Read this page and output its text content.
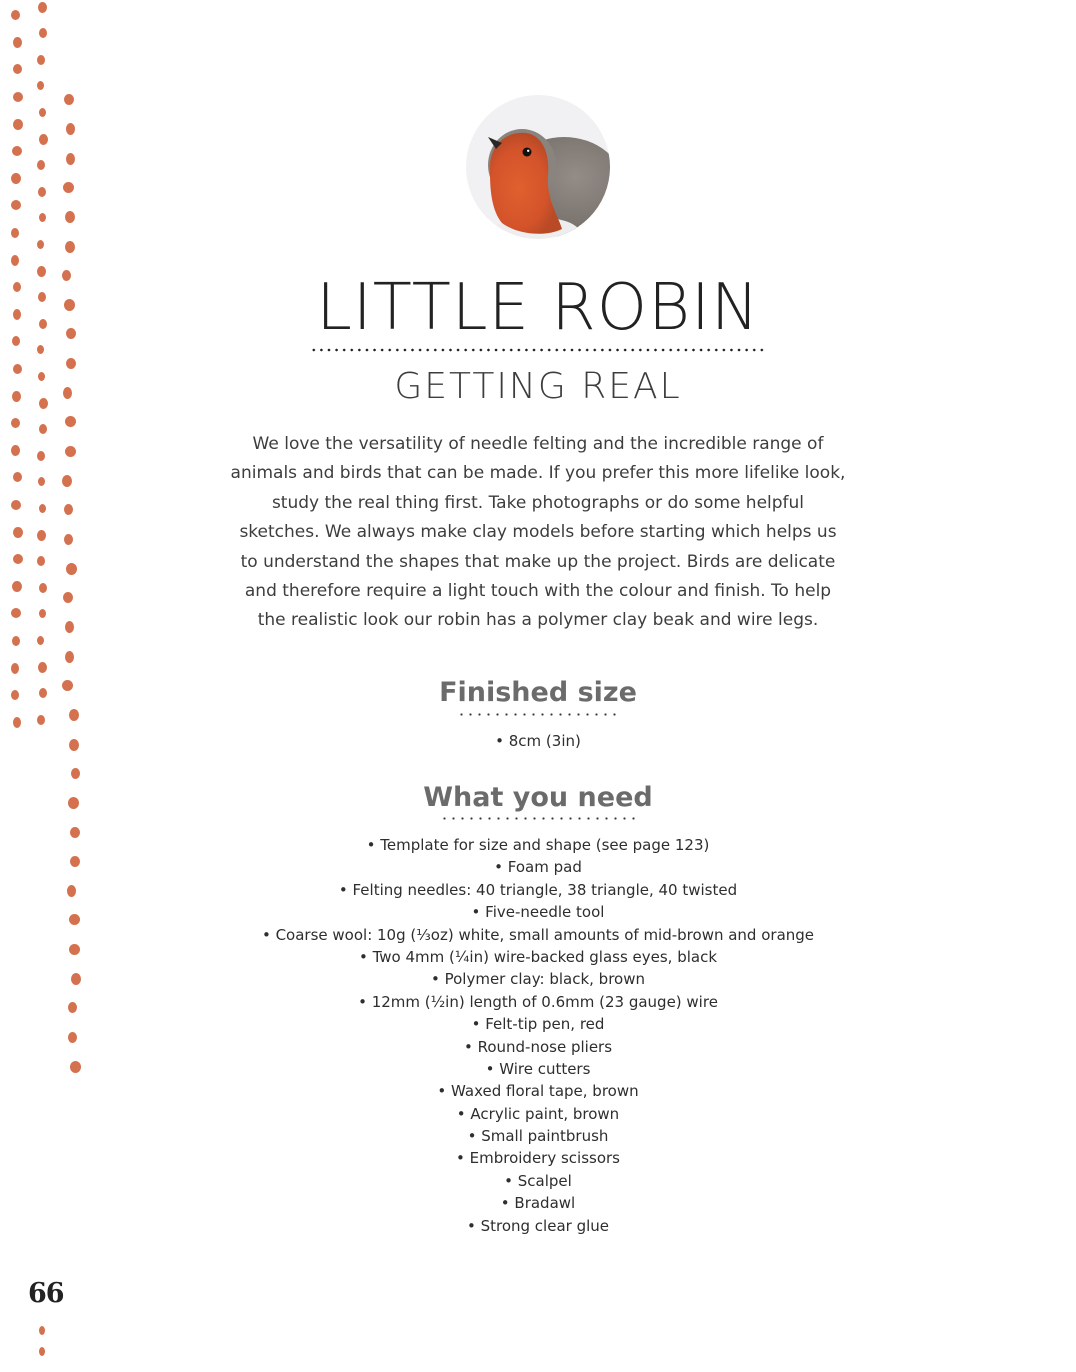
LITTLE ROBIN
GETTING REAL

We love the versatility of needle felting and the incredible range of animals and birds that can be made. If you prefer this more lifelike look, study the real thing first. Take photographs or do some helpful sketches. We always make clay models before starting which helps us to understand the shapes that make up the project. Birds are delicate and therefore require a light touch with the colour and finish. To help the realistic look our robin has a polymer clay beak and wire legs.

Finished size
• 8cm (3in)
What you need
• Template for size and shape (see page 123)
• Foam pad
• Felting needles: 40 triangle, 38 triangle, 40 twisted
• Five-needle tool
• Coarse wool: 10g (⅓oz) white, small amounts of mid-brown and orange
• Two 4mm (¼in) wire-backed glass eyes, black
• Polymer clay: black, brown
• 12mm (½in) length of 0.6mm (23 gauge) wire
• Felt-tip pen, red
• Round-nose pliers
• Wire cutters
• Waxed floral tape, brown
• Acrylic paint, brown
• Small paintbrush
• Embroidery scissors
• Scalpel
• Bradawl
• Strong clear glue
66
